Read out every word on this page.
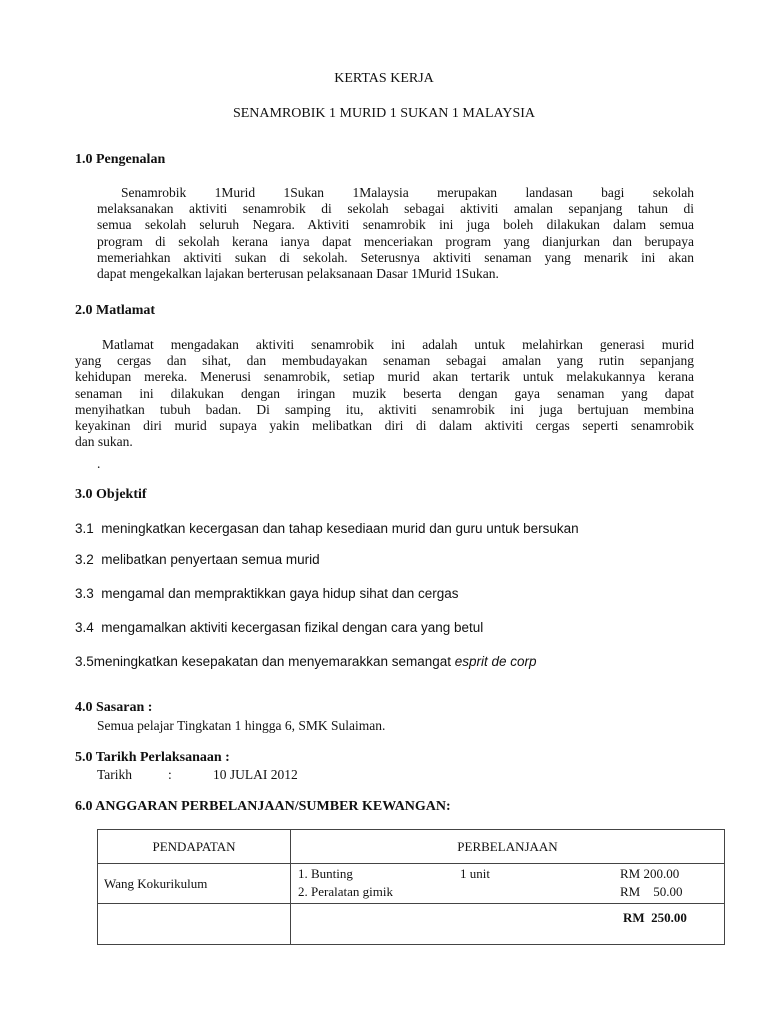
KERTAS KERJA
SENAMROBIK 1 MURID 1 SUKAN 1 MALAYSIA
1.0 Pengenalan
Senamrobik 1Murid 1Sukan 1Malaysia merupakan landasan bagi sekolah
melaksanakan aktiviti senamrobik di sekolah sebagai aktiviti amalan sepanjang tahun di
semua sekolah seluruh Negara. Aktiviti senamrobik ini juga boleh dilakukan dalam semua
program di sekolah kerana ianya dapat menceriakan program yang dianjurkan dan berupaya
memeriahkan aktiviti sukan di sekolah. Seterusnya aktiviti senaman yang menarik ini akan
dapat mengekalkan lajakan berterusan pelaksanaan Dasar 1Murid 1Sukan.
2.0 Matlamat
Matlamat mengadakan aktiviti senamrobik ini adalah untuk melahirkan generasi murid
yang cergas dan sihat, dan membudayakan senaman sebagai amalan yang rutin sepanjang
kehidupan mereka. Menerusi senamrobik, setiap murid akan tertarik untuk melakukannya kerana
senaman ini dilakukan dengan iringan muzik beserta dengan gaya senaman yang dapat
menyihatkan tubuh badan. Di samping itu, aktiviti senamrobik ini juga bertujuan membina
keyakinan diri murid supaya yakin melibatkan diri di dalam aktiviti cergas seperti senamrobik
dan sukan.
.
3.0 Objektif
3.1 meningkatkan kecergasan dan tahap kesediaan murid dan guru untuk bersukan
3.2 melibatkan penyertaan semua murid
3.3 mengamal dan mempraktikkan gaya hidup sihat dan cergas
3.4 mengamalkan aktiviti kecergasan fizikal dengan cara yang betul
3.5meningkatkan kesepakatan dan menyemarakkan semangat esprit de corp
4.0 Sasaran :
Semua pelajar Tingkatan 1 hingga 6, SMK Sulaiman.
5.0 Tarikh Perlaksanaan :
Tarikh	:	10 JULAI 2012
6.0 ANGGARAN PERBELANJAAN/SUMBER KEWANGAN:
PENDAPATAN	PERBELANJAAN
Wang Kokurikulum	1. Bunting 1 unit RM 200.00
2. Peralatan gimik RM    50.00

	RM  250.00
